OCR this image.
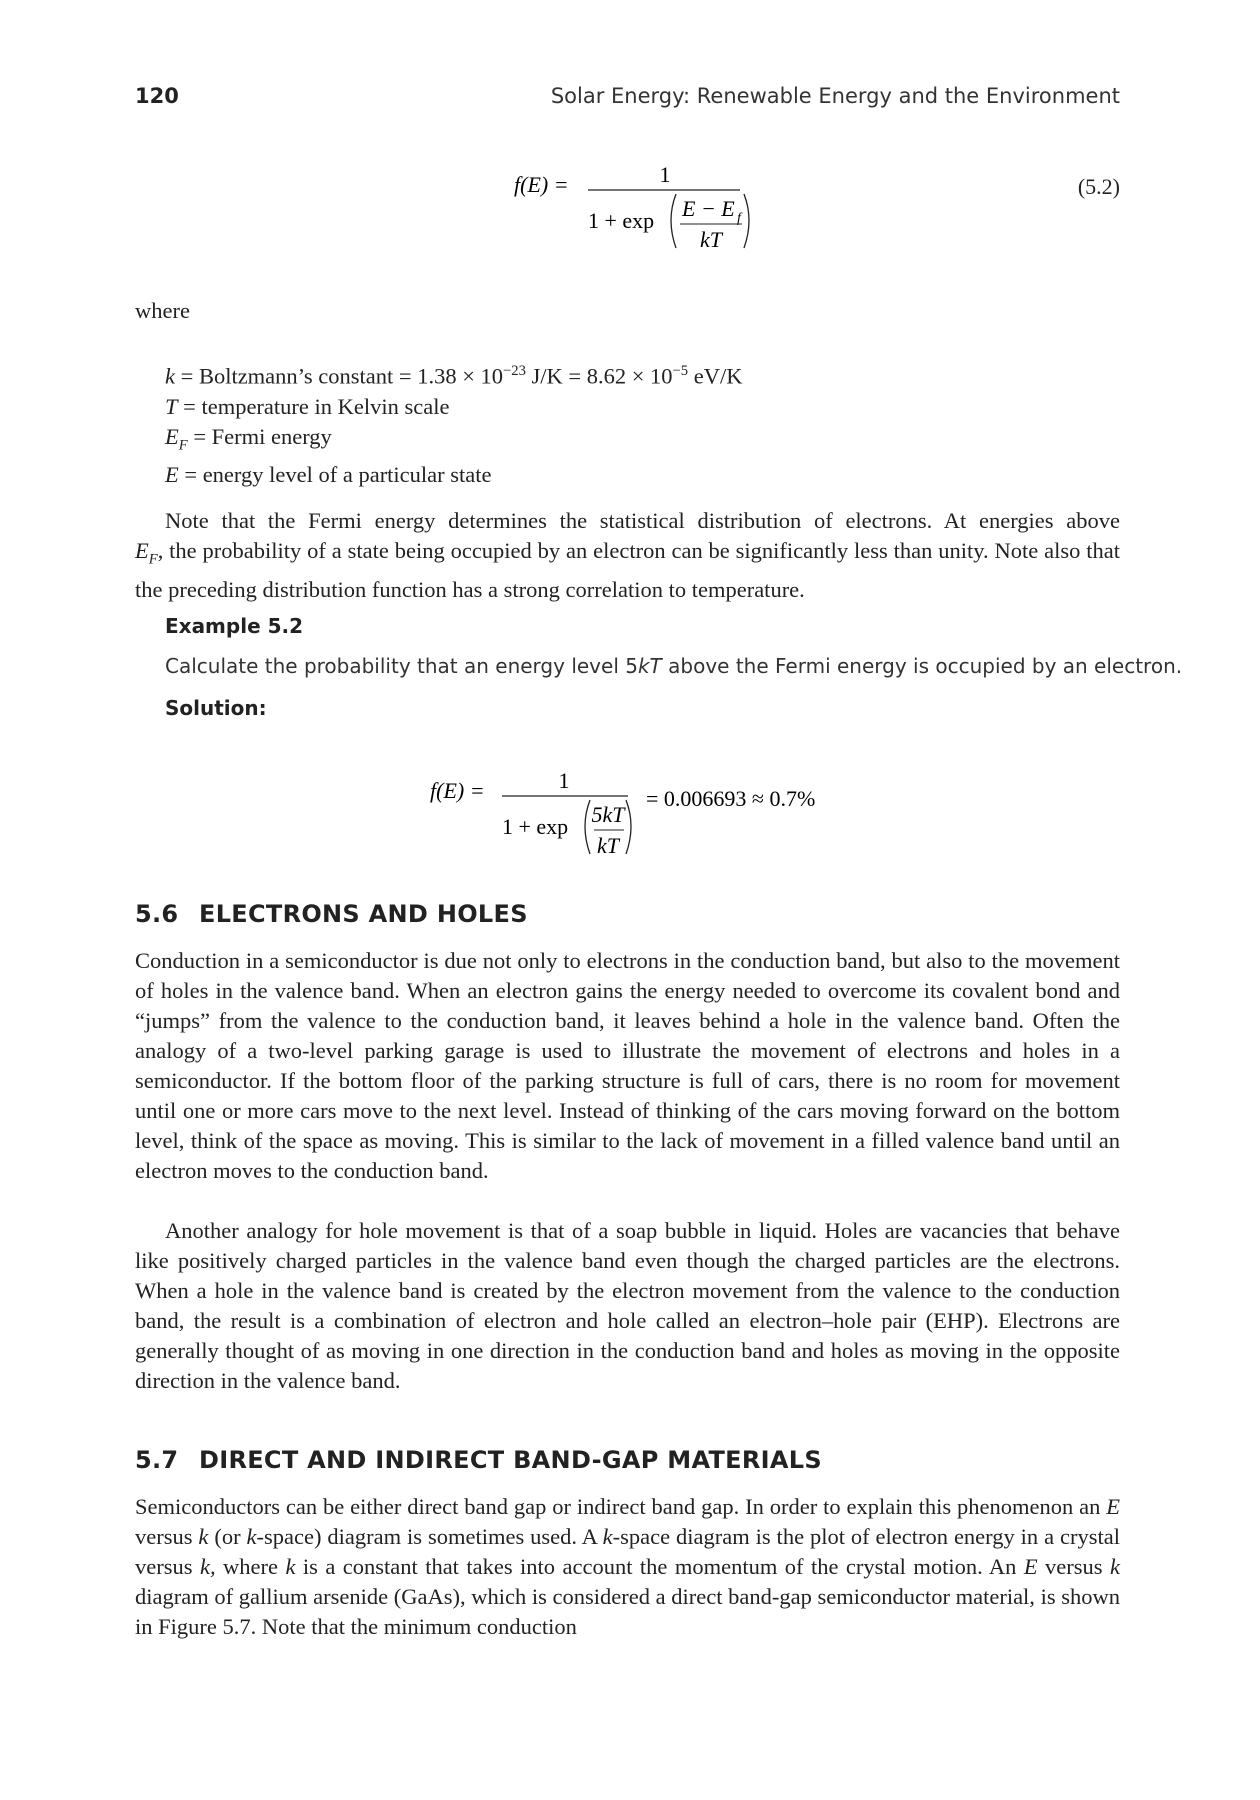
120	Solar Energy: Renewable Energy and the Environment
f(E) =	1
1 + exp E − E f
kT
(5.2)
where
k = Boltzmann’s constant = $1.38 \times 10^{-23}$ $J/K = 8.62 \times 10^{-5}$ eV/K
T = temperature in Kelvin scale
$E_F$ = Fermi energy
E = energy level of a particular state
Note that the Fermi energy determines the statistical distribution of electrons. At energies above
$E_F$, the probability of a state being occupied by an electron can be significantly less than unity. Note also that the preceding distribution function has a strong correlation to temperature.
Example 5.2
Calculate the probability that an energy level 5kT above the Fermi energy is occupied by an electron.
Solution:
f(E) =	1
1 + exp 5kT
kT
= 0.006693 ≈ 0.7%
5.6 ELECTRONS AND HOLES
Conduction in a semiconductor is due not only to electrons in the conduction band, but also to the movement of holes in the valence band. When an electron gains the energy needed to overcome its covalent bond and “jumps” from the valence to the conduction band, it leaves behind a hole in the valence band. Often the analogy of a two-level parking garage is used to illustrate the movement of electrons and holes in a semiconductor. If the bottom floor of the parking structure is full of cars, there is no room for movement until one or more cars move to the next level. Instead of thinking of the cars moving forward on the bottom level, think of the space as moving. This is similar to the lack of movement in a filled valence band until an electron moves to the conduction band.
Another analogy for hole movement is that of a soap bubble in liquid. Holes are vacancies that behave like positively charged particles in the valence band even though the charged particles are the electrons. When a hole in the valence band is created by the electron movement from the valence to the conduction band, the result is a combination of electron and hole called an electron–hole pair (EHP). Electrons are generally thought of as moving in one direction in the conduction band and holes as moving in the opposite direction in the valence band.
5.7 DIRECT AND INDIRECT BAND-GAP MATERIALS
Semiconductors can be either direct band gap or indirect band gap. In order to explain this phenomenon an E versus k (or k-space) diagram is sometimes used. A k-space diagram is the plot of electron energy in a crystal versus k, where k is a constant that takes into account the momentum of the crystal motion. An E versus k diagram of gallium arsenide (GaAs), which is considered a direct band-gap semiconductor material, is shown in Figure 5.7. Note that the minimum conduction
